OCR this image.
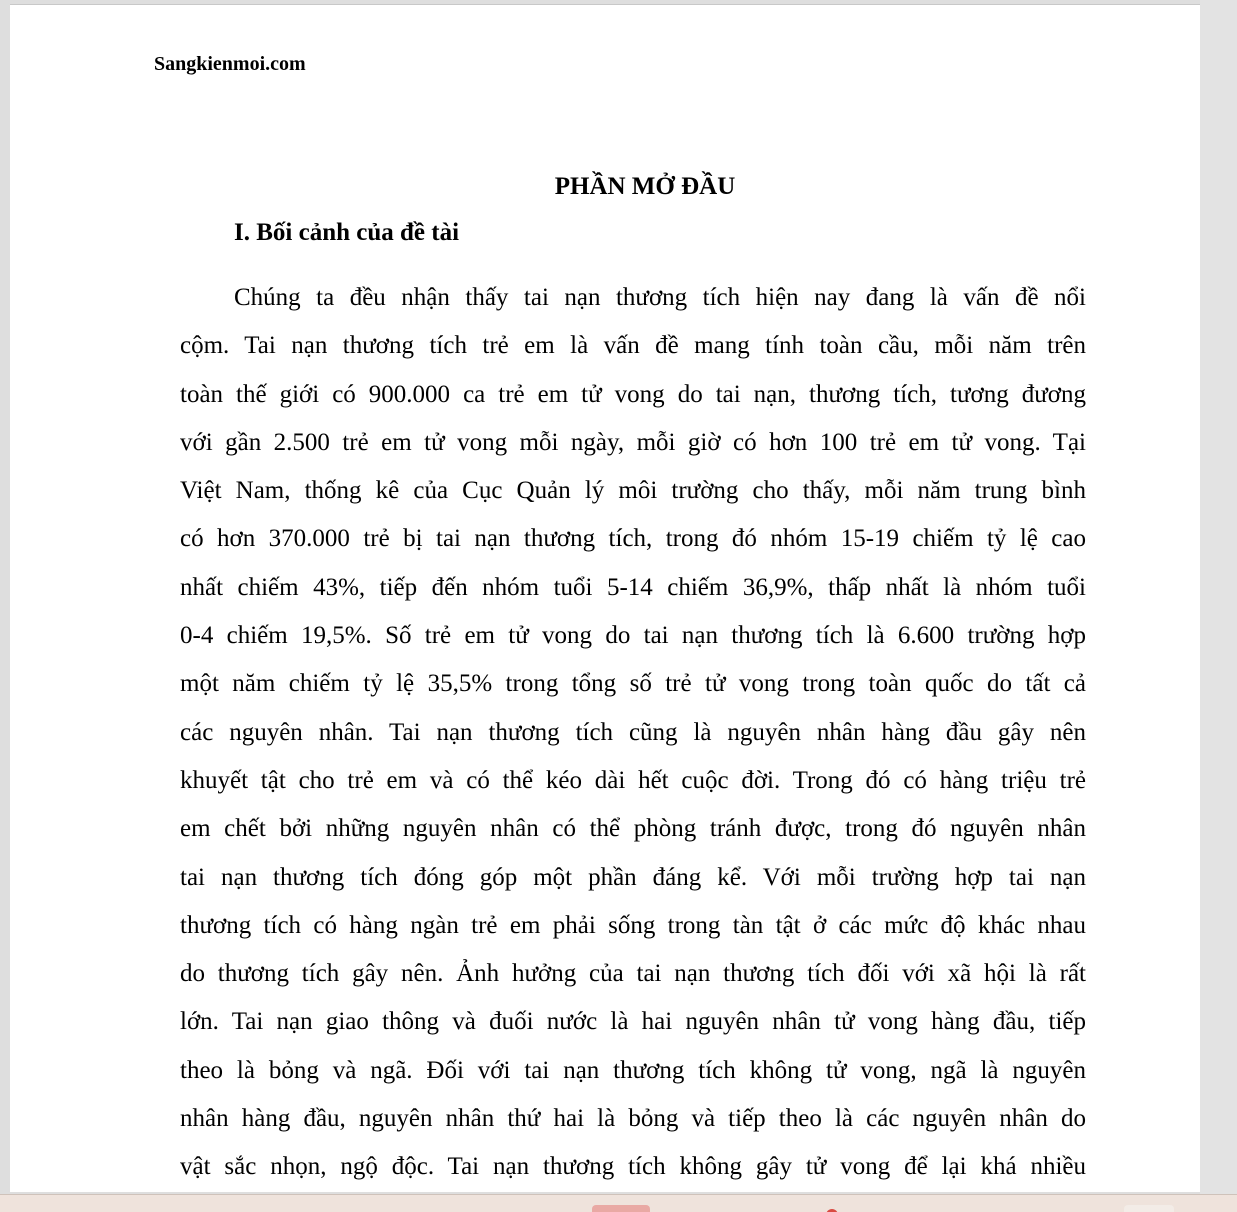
Sangkienmoi.com
PHẦN MỞ ĐẦU
I. Bối cảnh của đề tài
Chúng ta đều nhận thấy tai nạn thương tích hiện nay đang là vấn đề nổi
cộm. Tai nạn thương tích trẻ em là vấn đề mang tính toàn cầu, mỗi năm trên
toàn thế giới có 900.000 ca trẻ em tử vong do tai nạn, thương tích, tương đương
với gần 2.500 trẻ em tử vong mỗi ngày, mỗi giờ có hơn 100 trẻ em tử vong. Tại
Việt Nam, thống kê của Cục Quản lý môi trường cho thấy, mỗi năm trung bình
có hơn 370.000 trẻ bị tai nạn thương tích, trong đó nhóm 15-19 chiếm tỷ lệ cao
nhất chiếm 43%, tiếp đến nhóm tuổi 5-14 chiếm 36,9%, thấp nhất là nhóm tuổi
0-4 chiếm 19,5%. Số trẻ em tử vong do tai nạn thương tích là 6.600 trường hợp
một năm chiếm tỷ lệ 35,5% trong tổng số trẻ tử vong trong toàn quốc do tất cả
các nguyên nhân. Tai nạn thương tích cũng là nguyên nhân hàng đầu gây nên
khuyết tật cho trẻ em và có thể kéo dài hết cuộc đời. Trong đó có hàng triệu trẻ
em chết bởi những nguyên nhân có thể phòng tránh được, trong đó nguyên nhân
tai nạn thương tích đóng góp một phần đáng kể. Với mỗi trường hợp tai nạn
thương tích có hàng ngàn trẻ em phải sống trong tàn tật ở các mức độ khác nhau
do thương tích gây nên. Ảnh hưởng của tai nạn thương tích đối với xã hội là rất
lớn. Tai nạn giao thông và đuối nước là hai nguyên nhân tử vong hàng đầu, tiếp
theo là bỏng và ngã. Đối với tai nạn thương tích không tử vong, ngã là nguyên
nhân hàng đầu, nguyên nhân thứ hai là bỏng và tiếp theo là các nguyên nhân do
vật sắc nhọn, ngộ độc. Tai nạn thương tích không gây tử vong để lại khá nhiều
